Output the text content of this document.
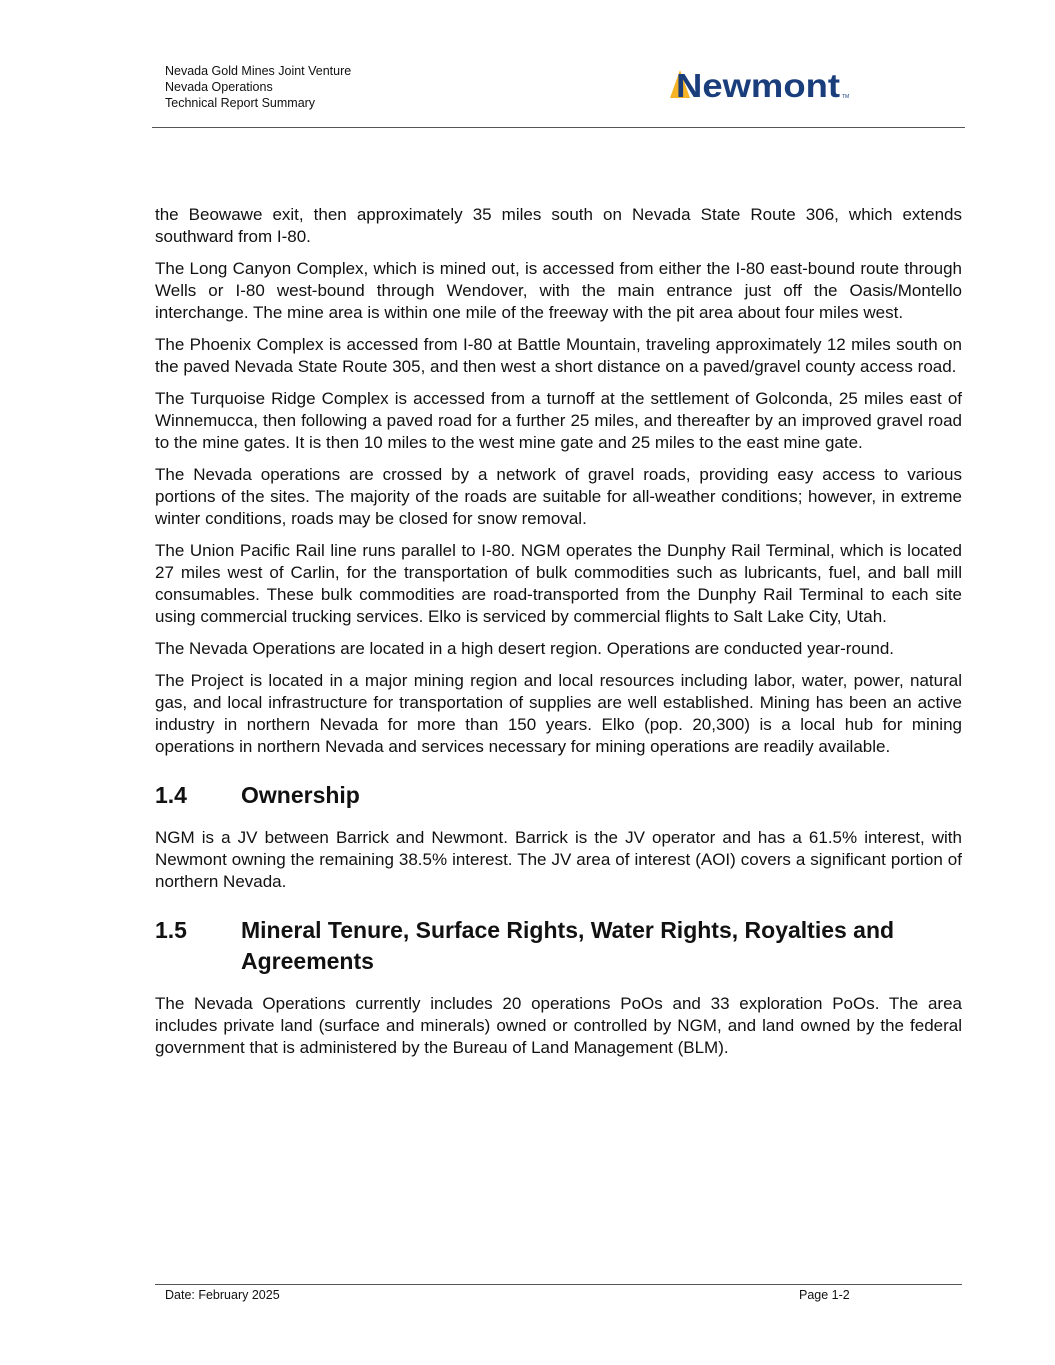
Nevada Gold Mines Joint Venture
Nevada Operations
Technical Report Summary	Newmont TM

the Beowawe exit, then approximately 35 miles south on Nevada State Route 306, which extends southward from I-80.

The Long Canyon Complex, which is mined out, is accessed from either the I-80 east-bound route through Wells or I-80 west-bound through Wendover, with the main entrance just off the Oasis/Montello interchange. The mine area is within one mile of the freeway with the pit area about four miles west.

The Phoenix Complex is accessed from I-80 at Battle Mountain, traveling approximately 12 miles south on the paved Nevada State Route 305, and then west a short distance on a paved/gravel county access road.

The Turquoise Ridge Complex is accessed from a turnoff at the settlement of Golconda, 25 miles east of Winnemucca, then following a paved road for a further 25 miles, and thereafter by an improved gravel road to the mine gates. It is then 10 miles to the west mine gate and 25 miles to the east mine gate.

The Nevada operations are crossed by a network of gravel roads, providing easy access to various portions of the sites. The majority of the roads are suitable for all-weather conditions; however, in extreme winter conditions, roads may be closed for snow removal.

The Union Pacific Rail line runs parallel to I-80. NGM operates the Dunphy Rail Terminal, which is located 27 miles west of Carlin, for the transportation of bulk commodities such as lubricants, fuel, and ball mill consumables. These bulk commodities are road-transported from the Dunphy Rail Terminal to each site using commercial trucking services. Elko is serviced by commercial flights to Salt Lake City, Utah.

The Nevada Operations are located in a high desert region. Operations are conducted year-round.

The Project is located in a major mining region and local resources including labor, water, power, natural gas, and local infrastructure for transportation of supplies are well established. Mining has been an active industry in northern Nevada for more than 150 years. Elko (pop. 20,300) is a local hub for mining operations in northern Nevada and services necessary for mining operations are readily available.

1.4	Ownership

NGM is a JV between Barrick and Newmont. Barrick is the JV operator and has a 61.5% interest, with Newmont owning the remaining 38.5% interest. The JV area of interest (AOI) covers a significant portion of northern Nevada.

1.5	Mineral Tenure, Surface Rights, Water Rights, Royalties and Agreements

The Nevada Operations currently includes 20 operations PoOs and 33 exploration PoOs. The area includes private land (surface and minerals) owned or controlled by NGM, and land owned by the federal government that is administered by the Bureau of Land Management (BLM).

Date: February 2025	Page 1-2
